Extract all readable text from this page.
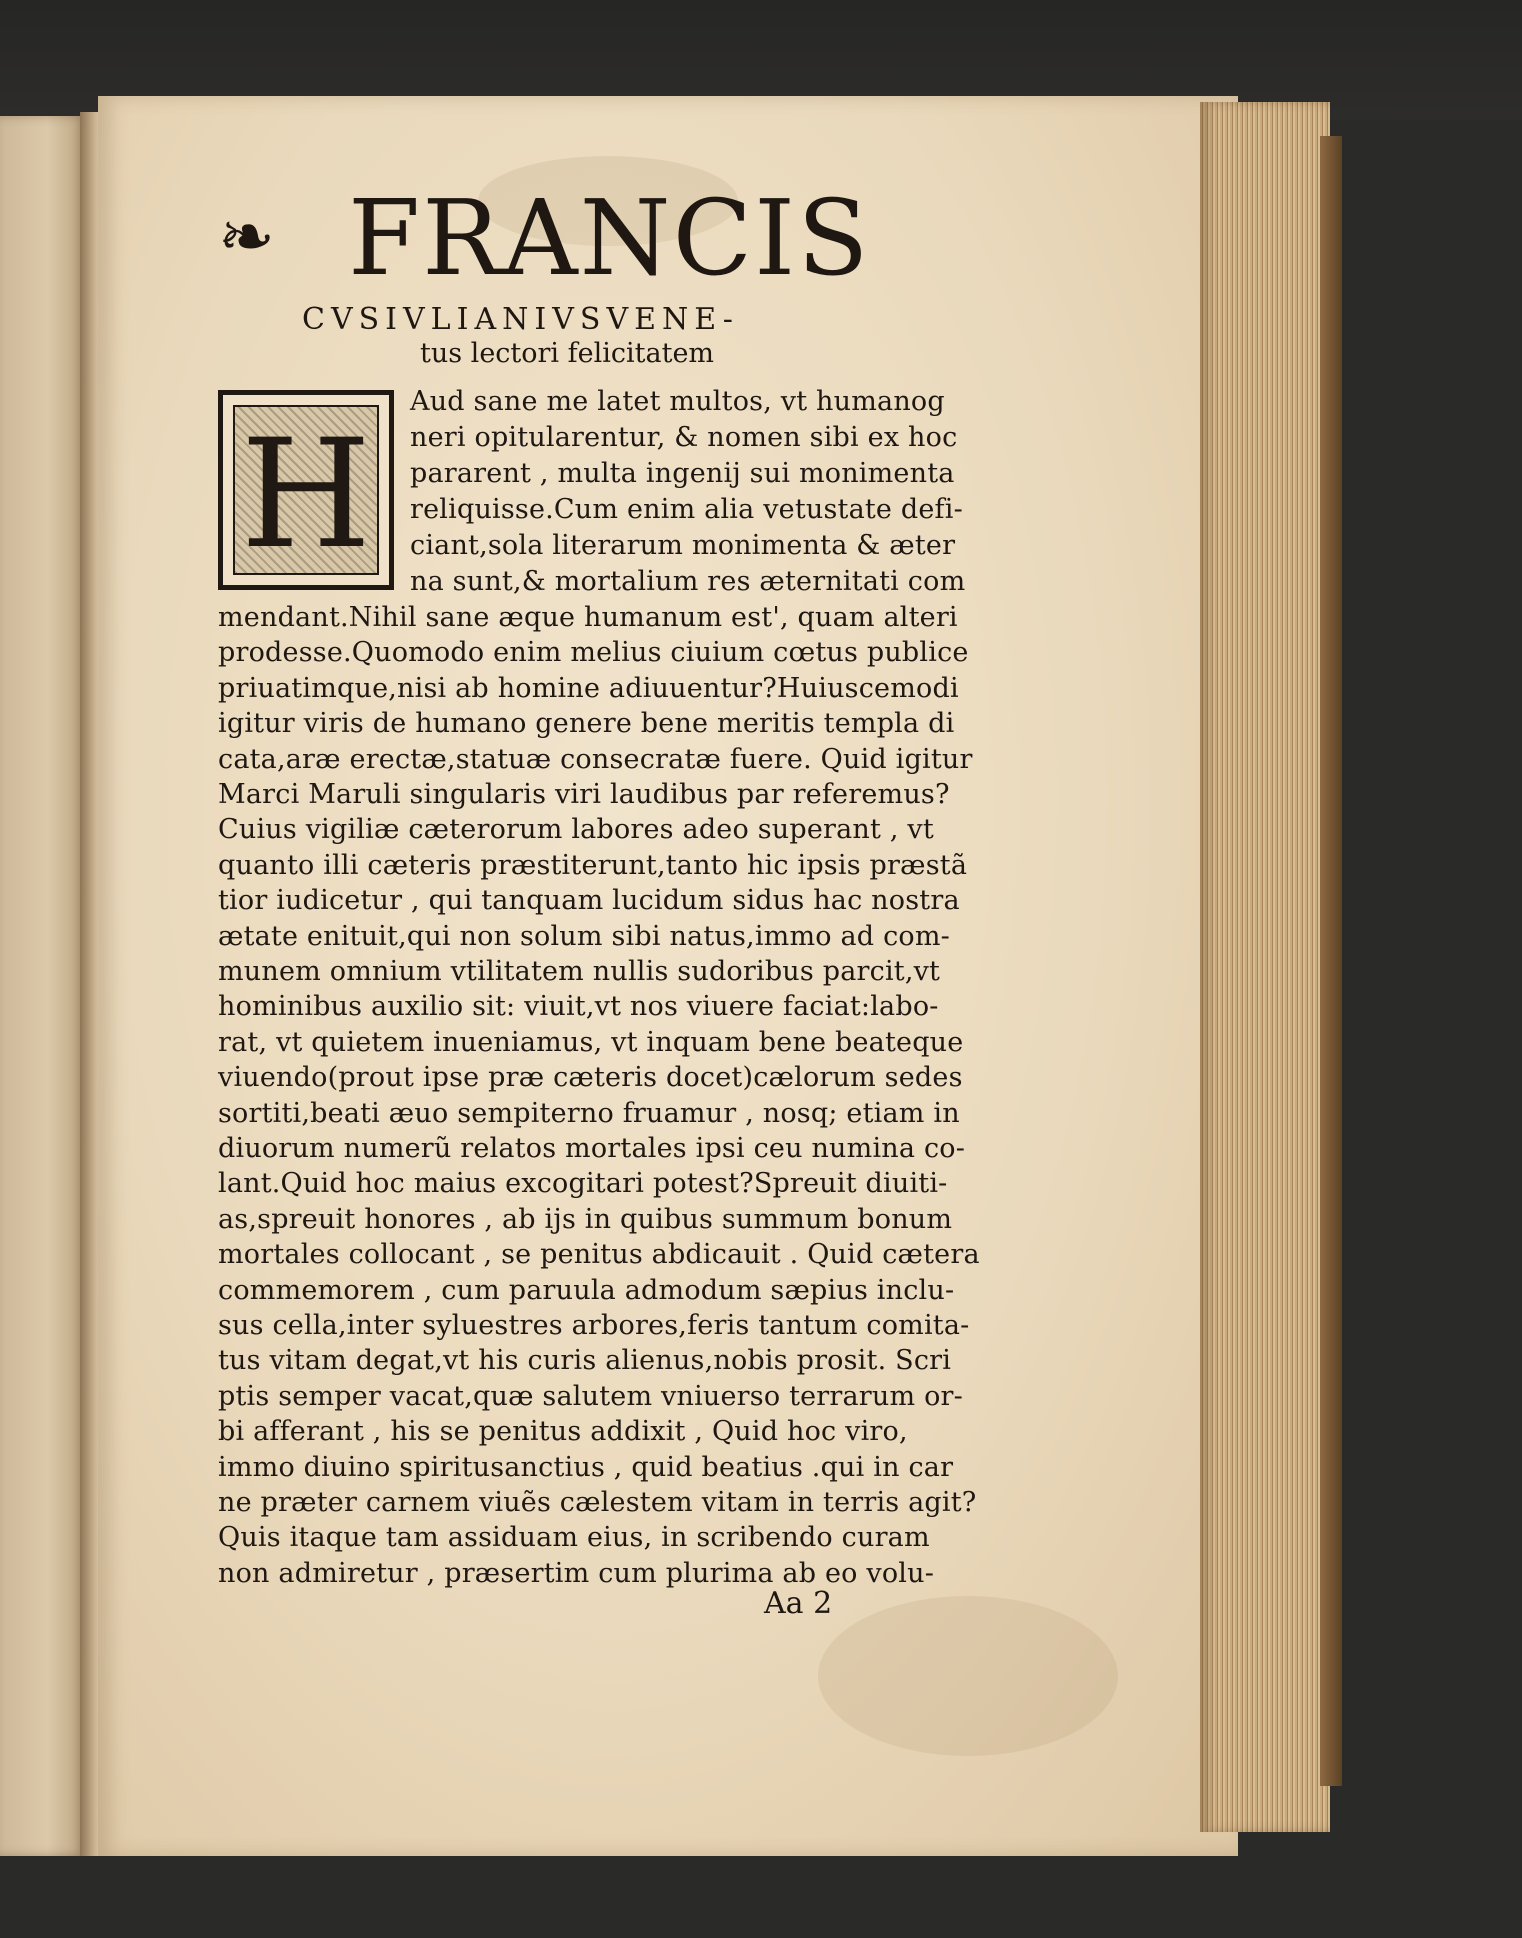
❧ FRANCIS
CVSIVLIANIVSVENE-
tus lectori felicitatem
H
Aud sane me latet multos, vt humanog
neri opitularentur, & nomen sibi ex hoc
pararent , multa ingenij sui monimenta
reliquisse.Cum enim alia vetustate defi-
ciant,sola literarum monimenta & æter
na sunt,& mortalium res æternitati com
mendant.Nihil sane æque humanum est', quam alteri
prodesse.Quomodo enim melius ciuium cœtus publice
priuatimque,nisi ab homine adiuuentur?Huiuscemodi
igitur viris de humano genere bene meritis templa di
cata,aræ erectæ,statuæ consecratæ fuere. Quid igitur
Marci Maruli singularis viri laudibus par referemus?
Cuius vigiliæ cæterorum labores adeo superant , vt
quanto illi cæteris præstiterunt,tanto hic ipsis præstã
tior iudicetur , qui tanquam lucidum sidus hac nostra
ætate enituit,qui non solum sibi natus,immo ad com-
munem omnium vtilitatem nullis sudoribus parcit,vt
hominibus auxilio sit: viuit,vt nos viuere faciat:labo-
rat, vt quietem inueniamus, vt inquam bene beateque
viuendo(prout ipse præ cæteris docet)cælorum sedes
sortiti,beati æuo sempiterno fruamur , nosq; etiam in
diuorum numerũ relatos mortales ipsi ceu numina co-
lant.Quid hoc maius excogitari potest?Spreuit diuiti-
as,spreuit honores , ab ijs in quibus summum bonum
mortales collocant , se penitus abdicauit . Quid cætera
commemorem , cum paruula admodum sæpius inclu-
sus cella,inter syluestres arbores,feris tantum comita-
tus vitam degat,vt his curis alienus,nobis prosit. Scri
ptis semper vacat,quæ salutem vniuerso terrarum or-
bi afferant , his se penitus addixit , Quid hoc viro,
immo diuino spiritusanctius , quid beatius .qui in car
ne præter carnem viuẽs cælestem vitam in terris agit?
Quis itaque tam assiduam eius, in scribendo curam
non admiretur , præsertim cum plurima ab eo volu-
Aa 2
